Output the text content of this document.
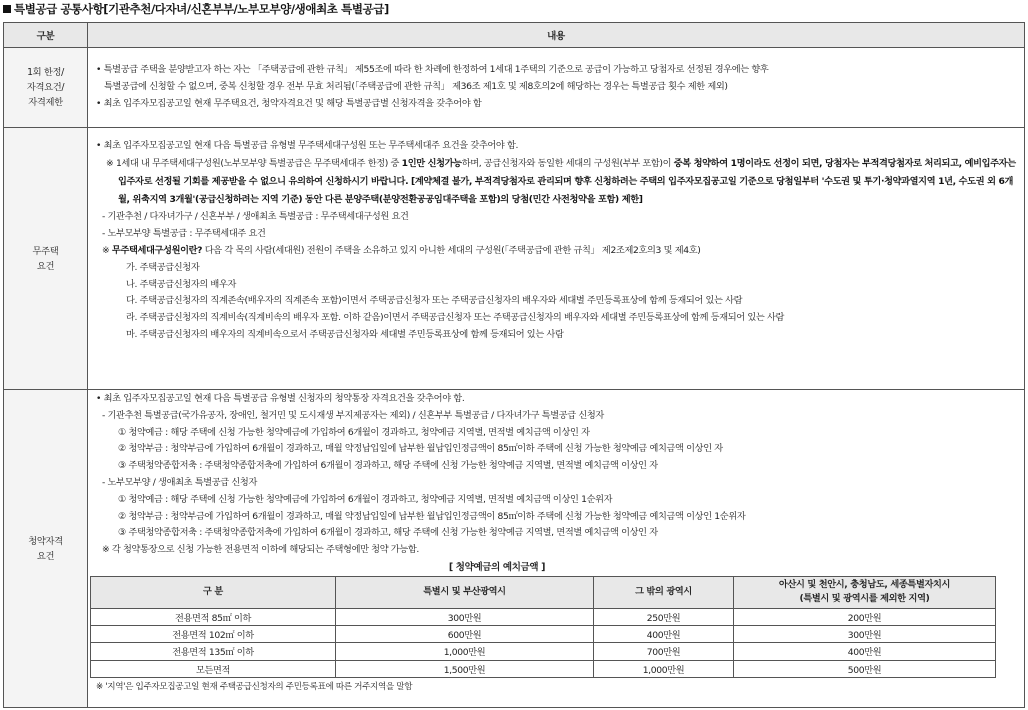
특별공급 공통사항[기관추천/다자녀/신혼부부/노부모부양/생애최초 특별공급]
구분	내용

1회 한정/
자격요건/
자격제한

• 특별공급 주택을 분양받고자 하는 자는 「주택공급에 관한 규칙」 제55조에 따라 한 차례에 한정하여 1세대 1주택의 기준으로 공급이 가능하고 당첨자로 선정된 경우에는 향후
특별공급에 신청할 수 없으며, 중복 신청할 경우 전부 무효 처리됨(「주택공급에 관한 규칙」 제36조 제1호 및 제8호의2에 해당하는 경우는 특별공급 횟수 제한 제외)
• 최초 입주자모집공고일 현재 무주택요건, 청약자격요건 및 해당 특별공급별 신청자격을 갖추어야 함

무주택
요건

• 최초 입주자모집공고일 현재 다음 특별공급 유형별 무주택세대구성원 또는 무주택세대주 요건을 갖추어야 함.
※ 1세대 내 무주택세대구성원(노부모부양 특별공급은 무주택세대주 한정) 중 1인만 신청가능하며, 공급신청자와 동일한 세대의 구성원(부부 포함)이 중복 청약하여 1명이라도 선정이 되면, 당첨자는 부적격당첨자로 처리되고, 예비입주자는 입주자로 선정될 기회를 제공받을 수 없으니 유의하여 신청하시기 바랍니다. [계약체결 불가, 부적격당첨자로 관리되며 향후 신청하려는 주택의 입주자모집공고일 기준으로 당첨일부터 '수도권 및 투기·청약과열지역 1년, 수도권 외 6개월, 위축지역 3개월'(공급신청하려는 지역 기준) 동안 다른 분양주택(분양전환공공임대주택을 포함)의 당첨(민간 사전청약을 포함) 제한]
- 기관추천 / 다자녀가구 / 신혼부부 / 생애최초 특별공급 : 무주택세대구성원 요건
- 노부모부양 특별공급 : 무주택세대주 요건
※ 무주택세대구성원이란? 다음 각 목의 사람(세대원) 전원이 주택을 소유하고 있지 아니한 세대의 구성원(「주택공급에 관한 규칙」 제2조제2호의3 및 제4호)
가. 주택공급신청자
나. 주택공급신청자의 배우자
다. 주택공급신청자의 직계존속(배우자의 직계존속 포함)이면서 주택공급신청자 또는 주택공급신청자의 배우자와 세대별 주민등록표상에 함께 등재되어 있는 사람
라. 주택공급신청자의 직계비속(직계비속의 배우자 포함. 이하 같음)이면서 주택공급신청자 또는 주택공급신청자의 배우자와 세대별 주민등록표상에 함께 등재되어 있는 사람
마. 주택공급신청자의 배우자의 직계비속으로서 주택공급신청자와 세대별 주민등록표상에 함께 등재되어 있는 사람

청약자격
요건

• 최초 입주자모집공고일 현재 다음 특별공급 유형별 신청자의 청약통장 자격요건을 갖추어야 함.
- 기관추천 특별공급(국가유공자, 장애인, 철거민 및 도시재생 부지제공자는 제외) / 신혼부부 특별공급 / 다자녀가구 특별공급 신청자
① 청약예금 : 해당 주택에 신청 가능한 청약예금에 가입하여 6개월이 경과하고, 청약예금 지역별, 면적별 예치금액 이상인 자
② 청약부금 : 청약부금에 가입하여 6개월이 경과하고, 매월 약정납입일에 납부한 월납입인정금액이 85㎡이하 주택에 신청 가능한 청약예금 예치금액 이상인 자
③ 주택청약종합저축 : 주택청약종합저축에 가입하여 6개월이 경과하고, 해당 주택에 신청 가능한 청약예금 지역별, 면적별 예치금액 이상인 자
- 노부모부양 / 생애최초 특별공급 신청자
① 청약예금 : 해당 주택에 신청 가능한 청약예금에 가입하여 6개월이 경과하고, 청약예금 지역별, 면적별 예치금액 이상인 1순위자
② 청약부금 : 청약부금에 가입하여 6개월이 경과하고, 매월 약정납입일에 납부한 월납입인정금액이 85㎡이하 주택에 신청 가능한 청약예금 예치금액 이상인 1순위자
③ 주택청약종합저축 : 주택청약종합저축에 가입하여 6개월이 경과하고, 해당 주택에 신청 가능한 청약예금 지역별, 면적별 예치금액 이상인 자
※ 각 청약통장으로 신청 가능한 전용면적 이하에 해당되는 주택형에만 청약 가능함.
[ 청약예금의 예치금액 ]
구 분	특별시 및 부산광역시	그 밖의 광역시	아산시 및 천안시, 충청남도, 세종특별자치시
(특별시 및 광역시를 제외한 지역)
전용면적 85㎡ 이하	300만원	250만원	200만원
전용면적 102㎡ 이하	600만원	400만원	300만원
전용면적 135㎡ 이하	1,000만원	700만원	400만원
모든면적	1,500만원	1,000만원	500만원
※ '지역'은 입주자모집공고일 현재 주택공급신청자의 주민등록표에 따른 거주지역을 말함
